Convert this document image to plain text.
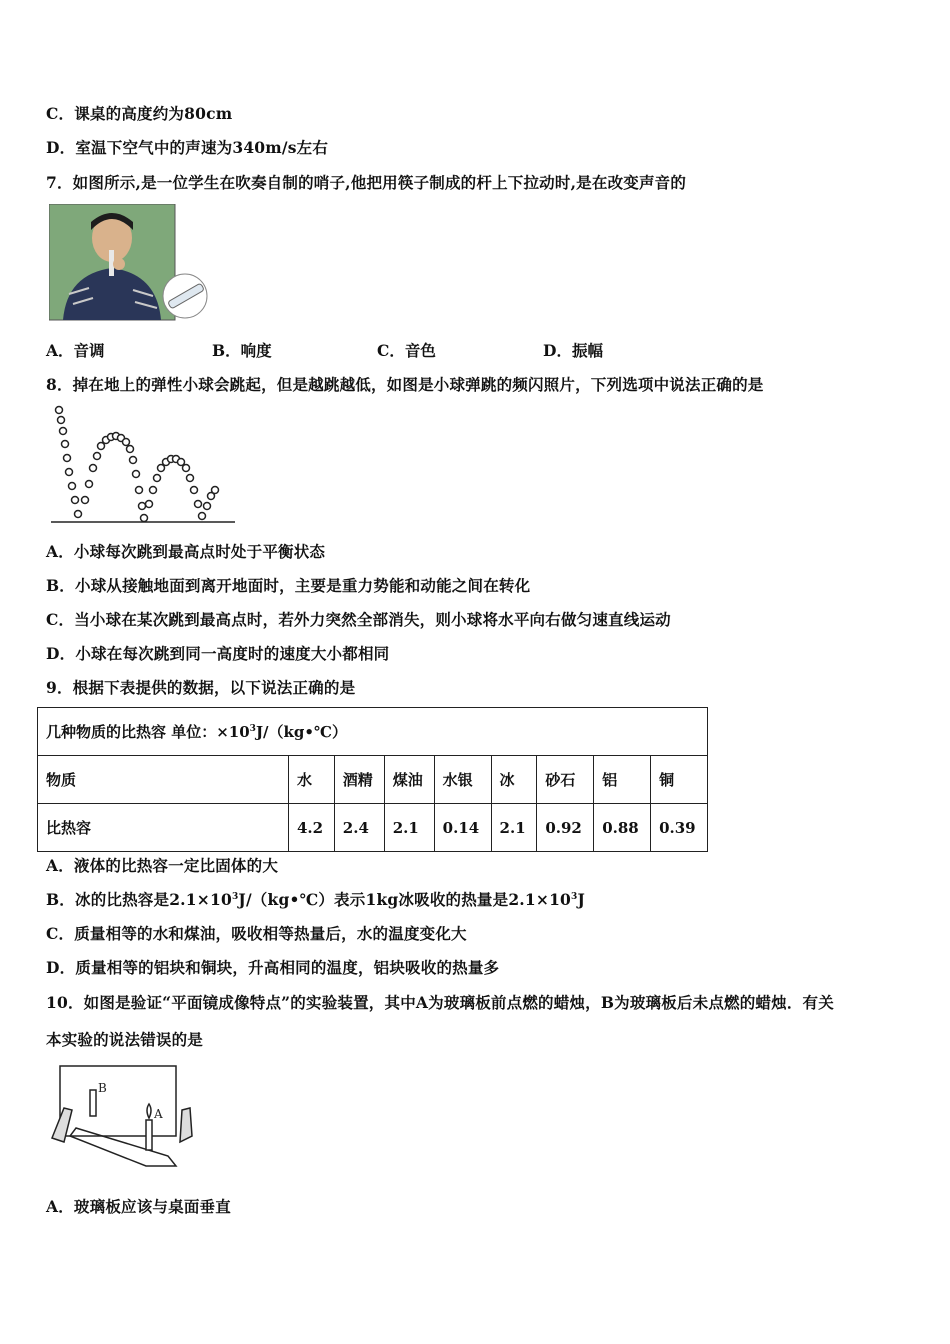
C．课桌的高度约为80cm
D．室温下空气中的声速为340m/s左右
7．如图所示,是一位学生在吹奏自制的哨子,他把用筷子制成的杆上下拉动时,是在改变声音的
A．音调	B．响度	C．音色	D．振幅
8．掉在地上的弹性小球会跳起，但是越跳越低，如图是小球弹跳的频闪照片，下列选项中说法正确的是
A．小球每次跳到最高点时处于平衡状态
B．小球从接触地面到离开地面时，主要是重力势能和动能之间在转化
C．当小球在某次跳到最高点时，若外力突然全部消失，则小球将水平向右做匀速直线运动
D．小球在每次跳到同一高度时的速度大小都相同
9．根据下表提供的数据，以下说法正确的是
几种物质的比热容 单位：$\times 10^3J/(kg•℃)$								
物质	水	酒精	煤油	水银	冰	砂石	铝	铜
比热容	4.2	2.4	2.1	0.14	2.1	0.92	0.88	0.39
A．液体的比热容一定比固体的大
B．冰的比热容是$2.1\times 10^3J/(kg•℃)$表示1kg冰吸收的热量是$2.1\times 10^3J$
C．质量相等的水和煤油，吸收相等热量后，水的温度变化大
D．质量相等的铝块和铜块，升高相同的温度，铝块吸收的热量多
10．如图是验证“平面镜成像特点”的实验装置，其中A为玻璃板前点燃的蜡烛，B为玻璃板后未点燃的蜡烛．有关
本实验的说法错误的是
B
A
A．玻璃板应该与桌面垂直
